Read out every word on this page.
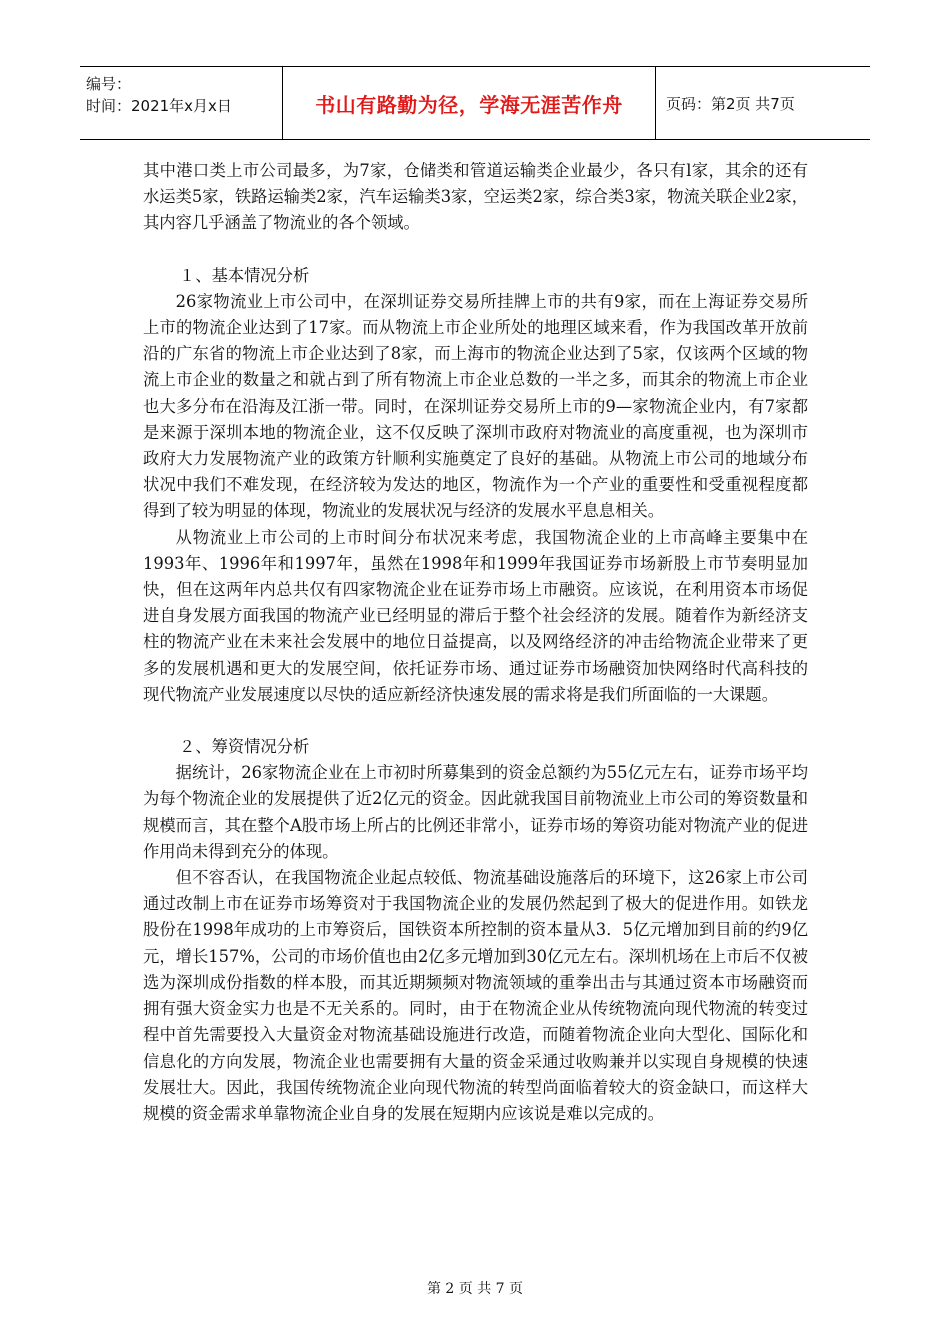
编号：
时间：2021年x月x日	书山有路勤为径，学海无涯苦作舟	页码：第2页 共7页

其中港口类上市公司最多，为7家，仓储类和管道运输类企业最少，各只有l家，其余的还有水运类5家，铁路运输类2家，汽车运输类3家，空运类2家，综合类3家，物流关联企业2家，其内容几乎涵盖了物流业的各个领域。

１、基本情况分析

26家物流业上市公司中，在深圳证券交易所挂牌上市的共有9家，而在上海证券交易所上市的物流企业达到了17家。而从物流上市企业所处的地理区域来看，作为我国改革开放前沿的广东省的物流上市企业达到了8家，而上海市的物流企业达到了5家，仅该两个区域的物流上市企业的数量之和就占到了所有物流上市企业总数的一半之多，而其余的物流上市企业也大多分布在沿海及江浙一带。同时，在深圳证券交易所上市的9—家物流企业内，有7家都是来源于深圳本地的物流企业，这不仅反映了深圳市政府对物流业的高度重视，也为深圳市政府大力发展物流产业的政策方针顺利实施奠定了良好的基础。从物流上市公司的地域分布状况中我们不难发现，在经济较为发达的地区，物流作为一个产业的重要性和受重视程度都得到了较为明显的体现，物流业的发展状况与经济的发展水平息息相关。

从物流业上市公司的上市时间分布状况来考虑，我国物流企业的上市高峰主要集中在1993年、1996年和1997年，虽然在1998年和1999年我国证券市场新股上市节奏明显加快，但在这两年内总共仅有四家物流企业在证券市场上市融资。应该说，在利用资本市场促进自身发展方面我国的物流产业已经明显的滞后于整个社会经济的发展。随着作为新经济支柱的物流产业在未来社会发展中的地位日益提高，以及网络经济的冲击给物流企业带来了更多的发展机遇和更大的发展空间，依托证券市场、通过证券市场融资加快网络时代高科技的现代物流产业发展速度以尽快的适应新经济快速发展的需求将是我们所面临的一大课题。

２、筹资情况分析

据统计，26家物流企业在上市初时所募集到的资金总额约为55亿元左右，证券市场平均为每个物流企业的发展提供了近2亿元的资金。因此就我国目前物流业上市公司的筹资数量和规模而言，其在整个A股市场上所占的比例还非常小，证券市场的筹资功能对物流产业的促进作用尚未得到充分的体现。

但不容否认，在我国物流企业起点较低、物流基础设施落后的环境下，这26家上市公司通过改制上市在证券市场筹资对于我国物流企业的发展仍然起到了极大的促进作用。如铁龙股份在1998年成功的上市筹资后，国铁资本所控制的资本量从3．5亿元增加到目前的约9亿元，增长157%，公司的市场价值也由2亿多元增加到30亿元左右。深圳机场在上市后不仅被选为深圳成份指数的样本股，而其近期频频对物流领域的重拳出击与其通过资本市场融资而拥有强大资金实力也是不无关系的。同时，由于在物流企业从传统物流向现代物流的转变过程中首先需要投入大量资金对物流基础设施进行改造，而随着物流企业向大型化、国际化和信息化的方向发展，物流企业也需要拥有大量的资金采通过收购兼并以实现自身规模的快速发展壮大。因此，我国传统物流企业向现代物流的转型尚面临着较大的资金缺口，而这样大规模的资金需求单靠物流企业自身的发展在短期内应该说是难以完成的。

第 2 页 共 7 页
